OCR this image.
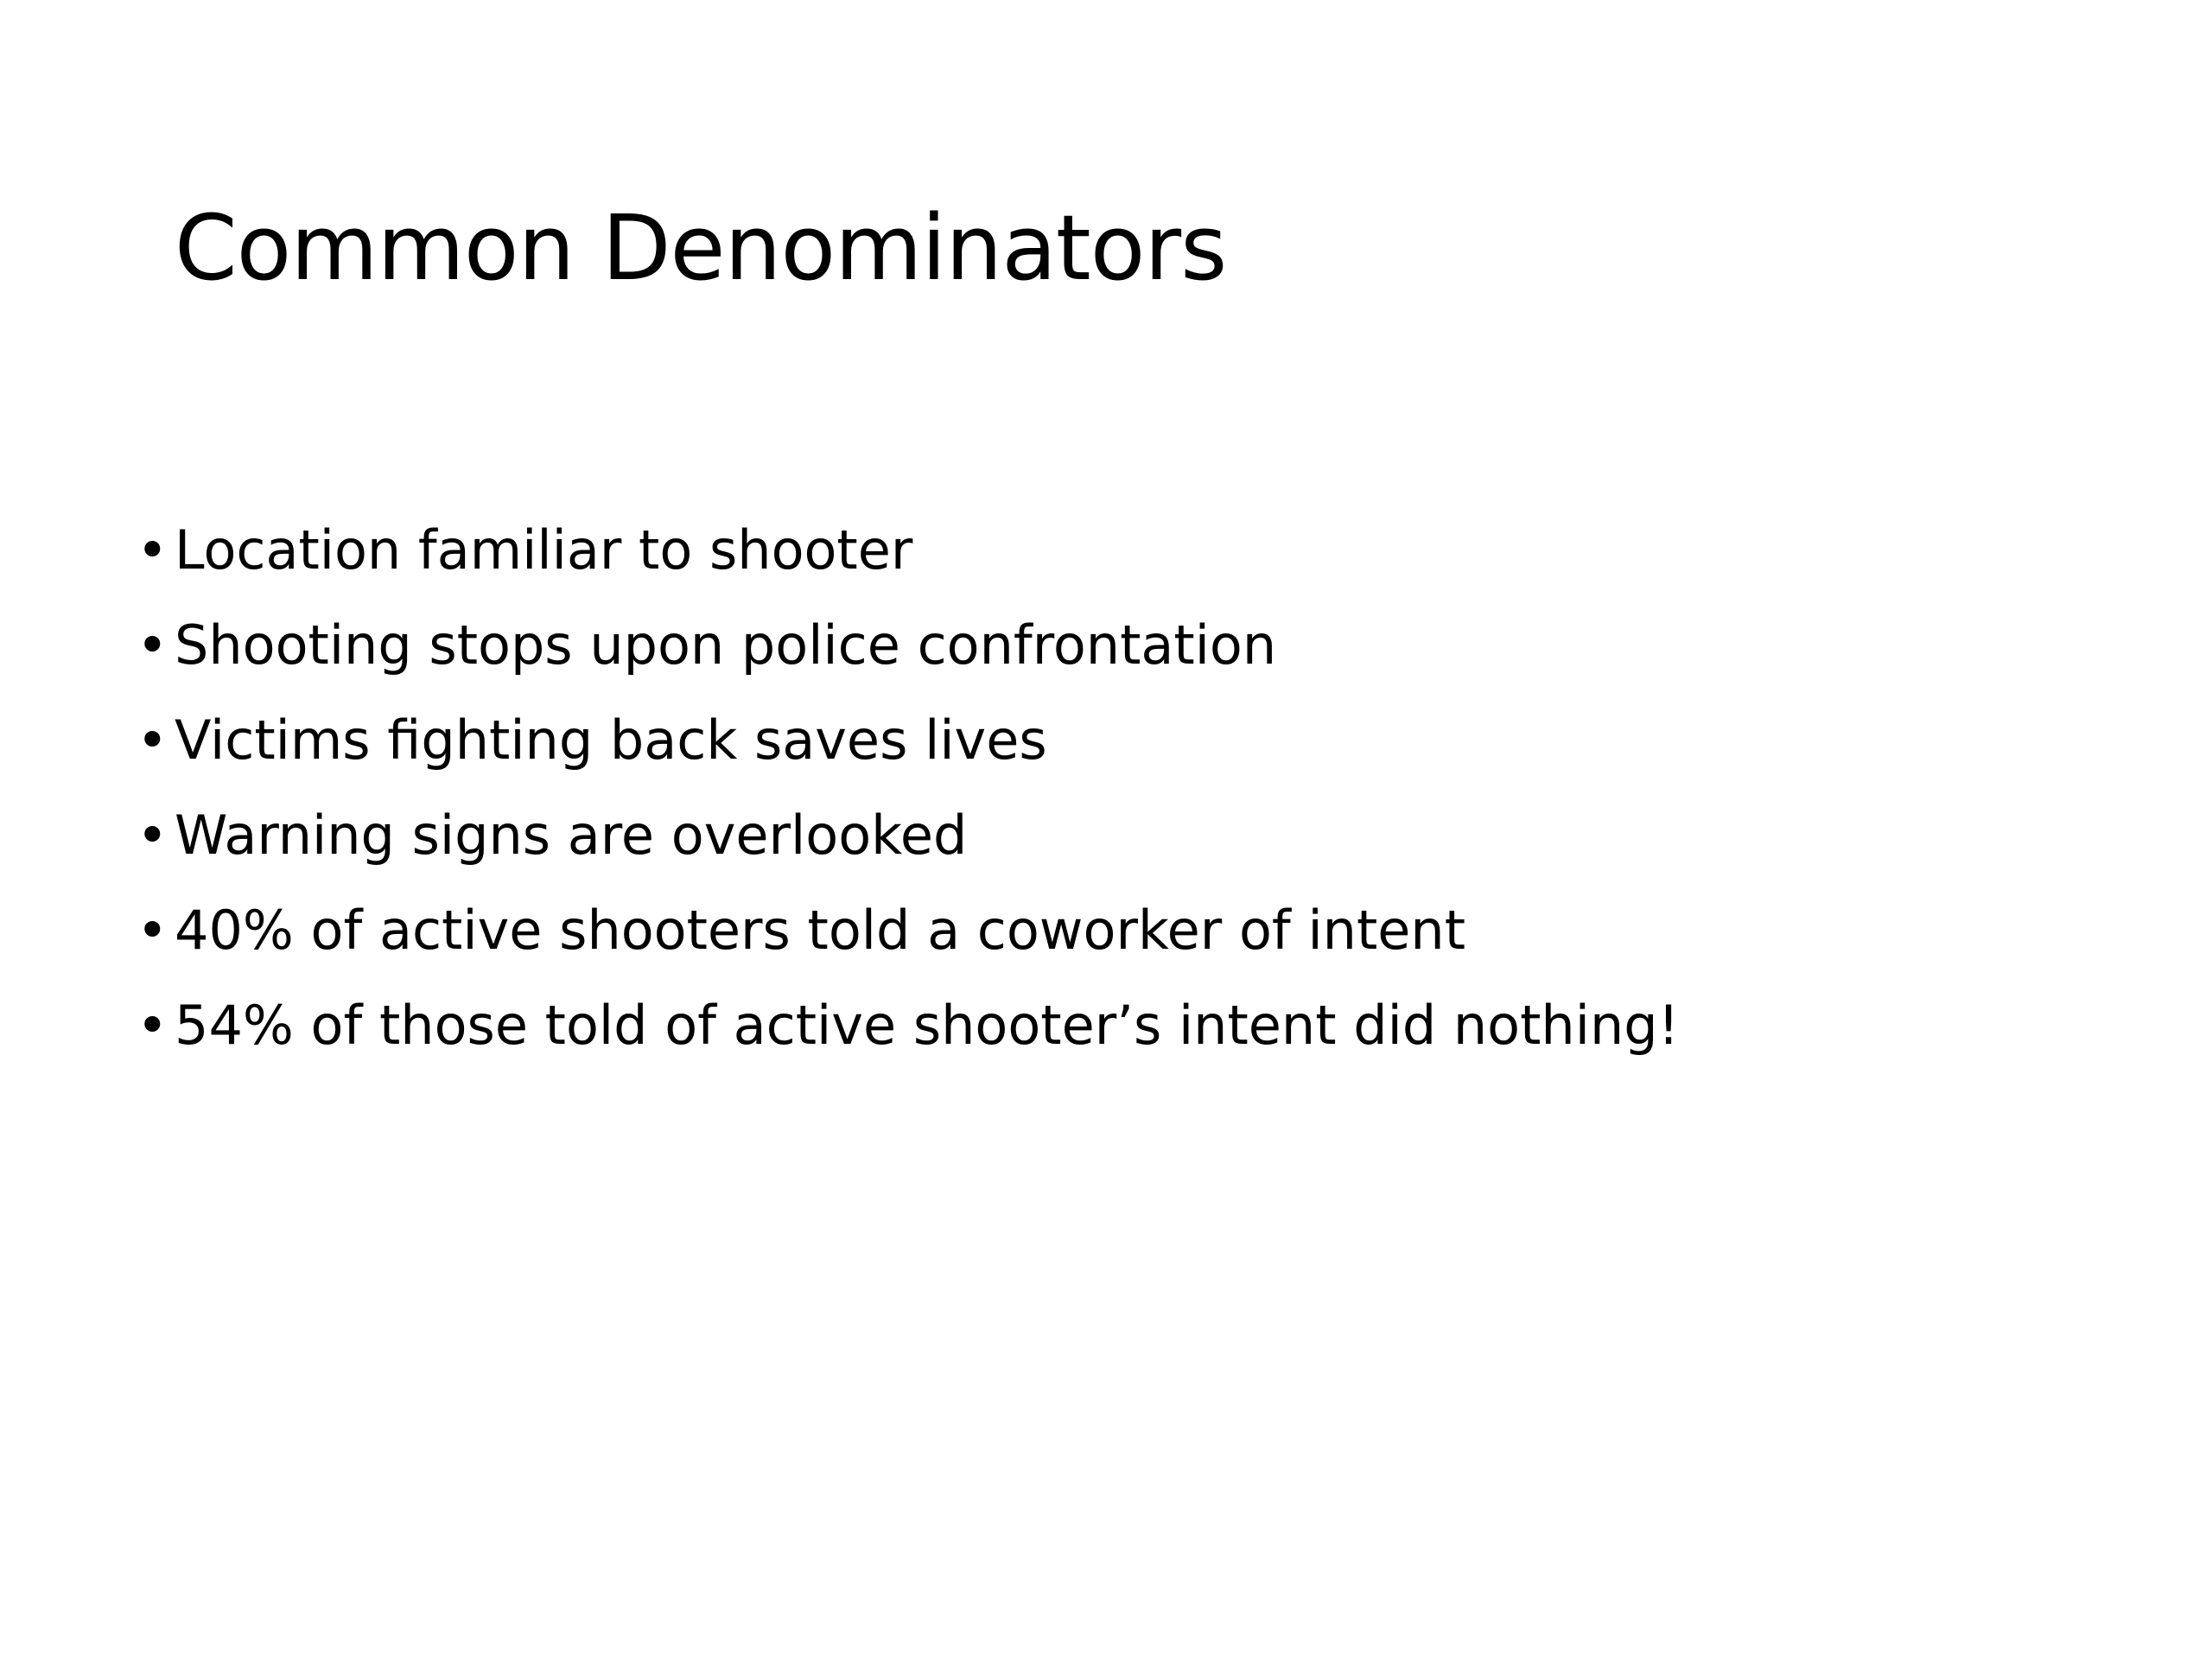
Common Denominators
• Location familiar to shooter
• Shooting stops upon police confrontation
• Victims fighting back saves lives
• Warning signs are overlooked
• 40% of active shooters told a coworker of intent
• 54% of those told of active shooter’s intent did nothing!
